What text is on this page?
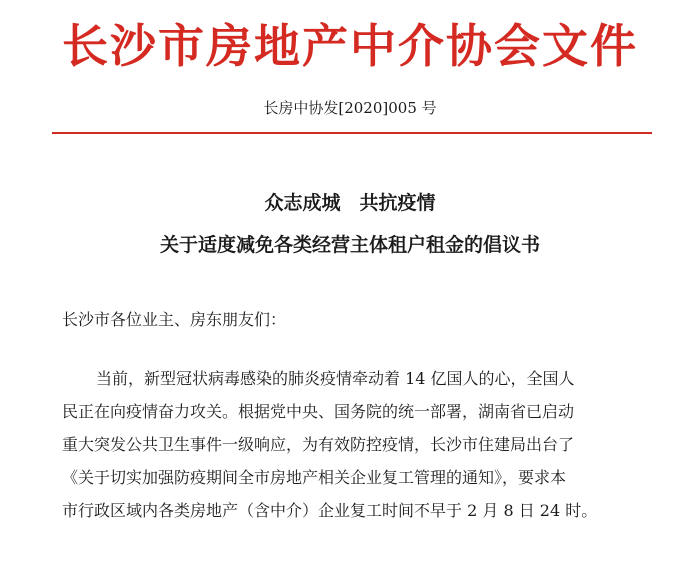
长沙市房地产中介协会文件
长房中协发[2020]005 号
众志成城　共抗疫情
关于适度减免各类经营主体租户租金的倡议书
长沙市各位业主、房东朋友们：
当前，新型冠状病毒感染的肺炎疫情牵动着 14 亿国人的心，全国人
民正在向疫情奋力攻关。根据党中央、国务院的统一部署，湖南省已启动
重大突发公共卫生事件一级响应，为有效防控疫情，长沙市住建局出台了
《关于切实加强防疫期间全市房地产相关企业复工管理的通知》，要求本
市行政区域内各类房地产（含中介）企业复工时间不早于 2 月 8 日 24 时。
